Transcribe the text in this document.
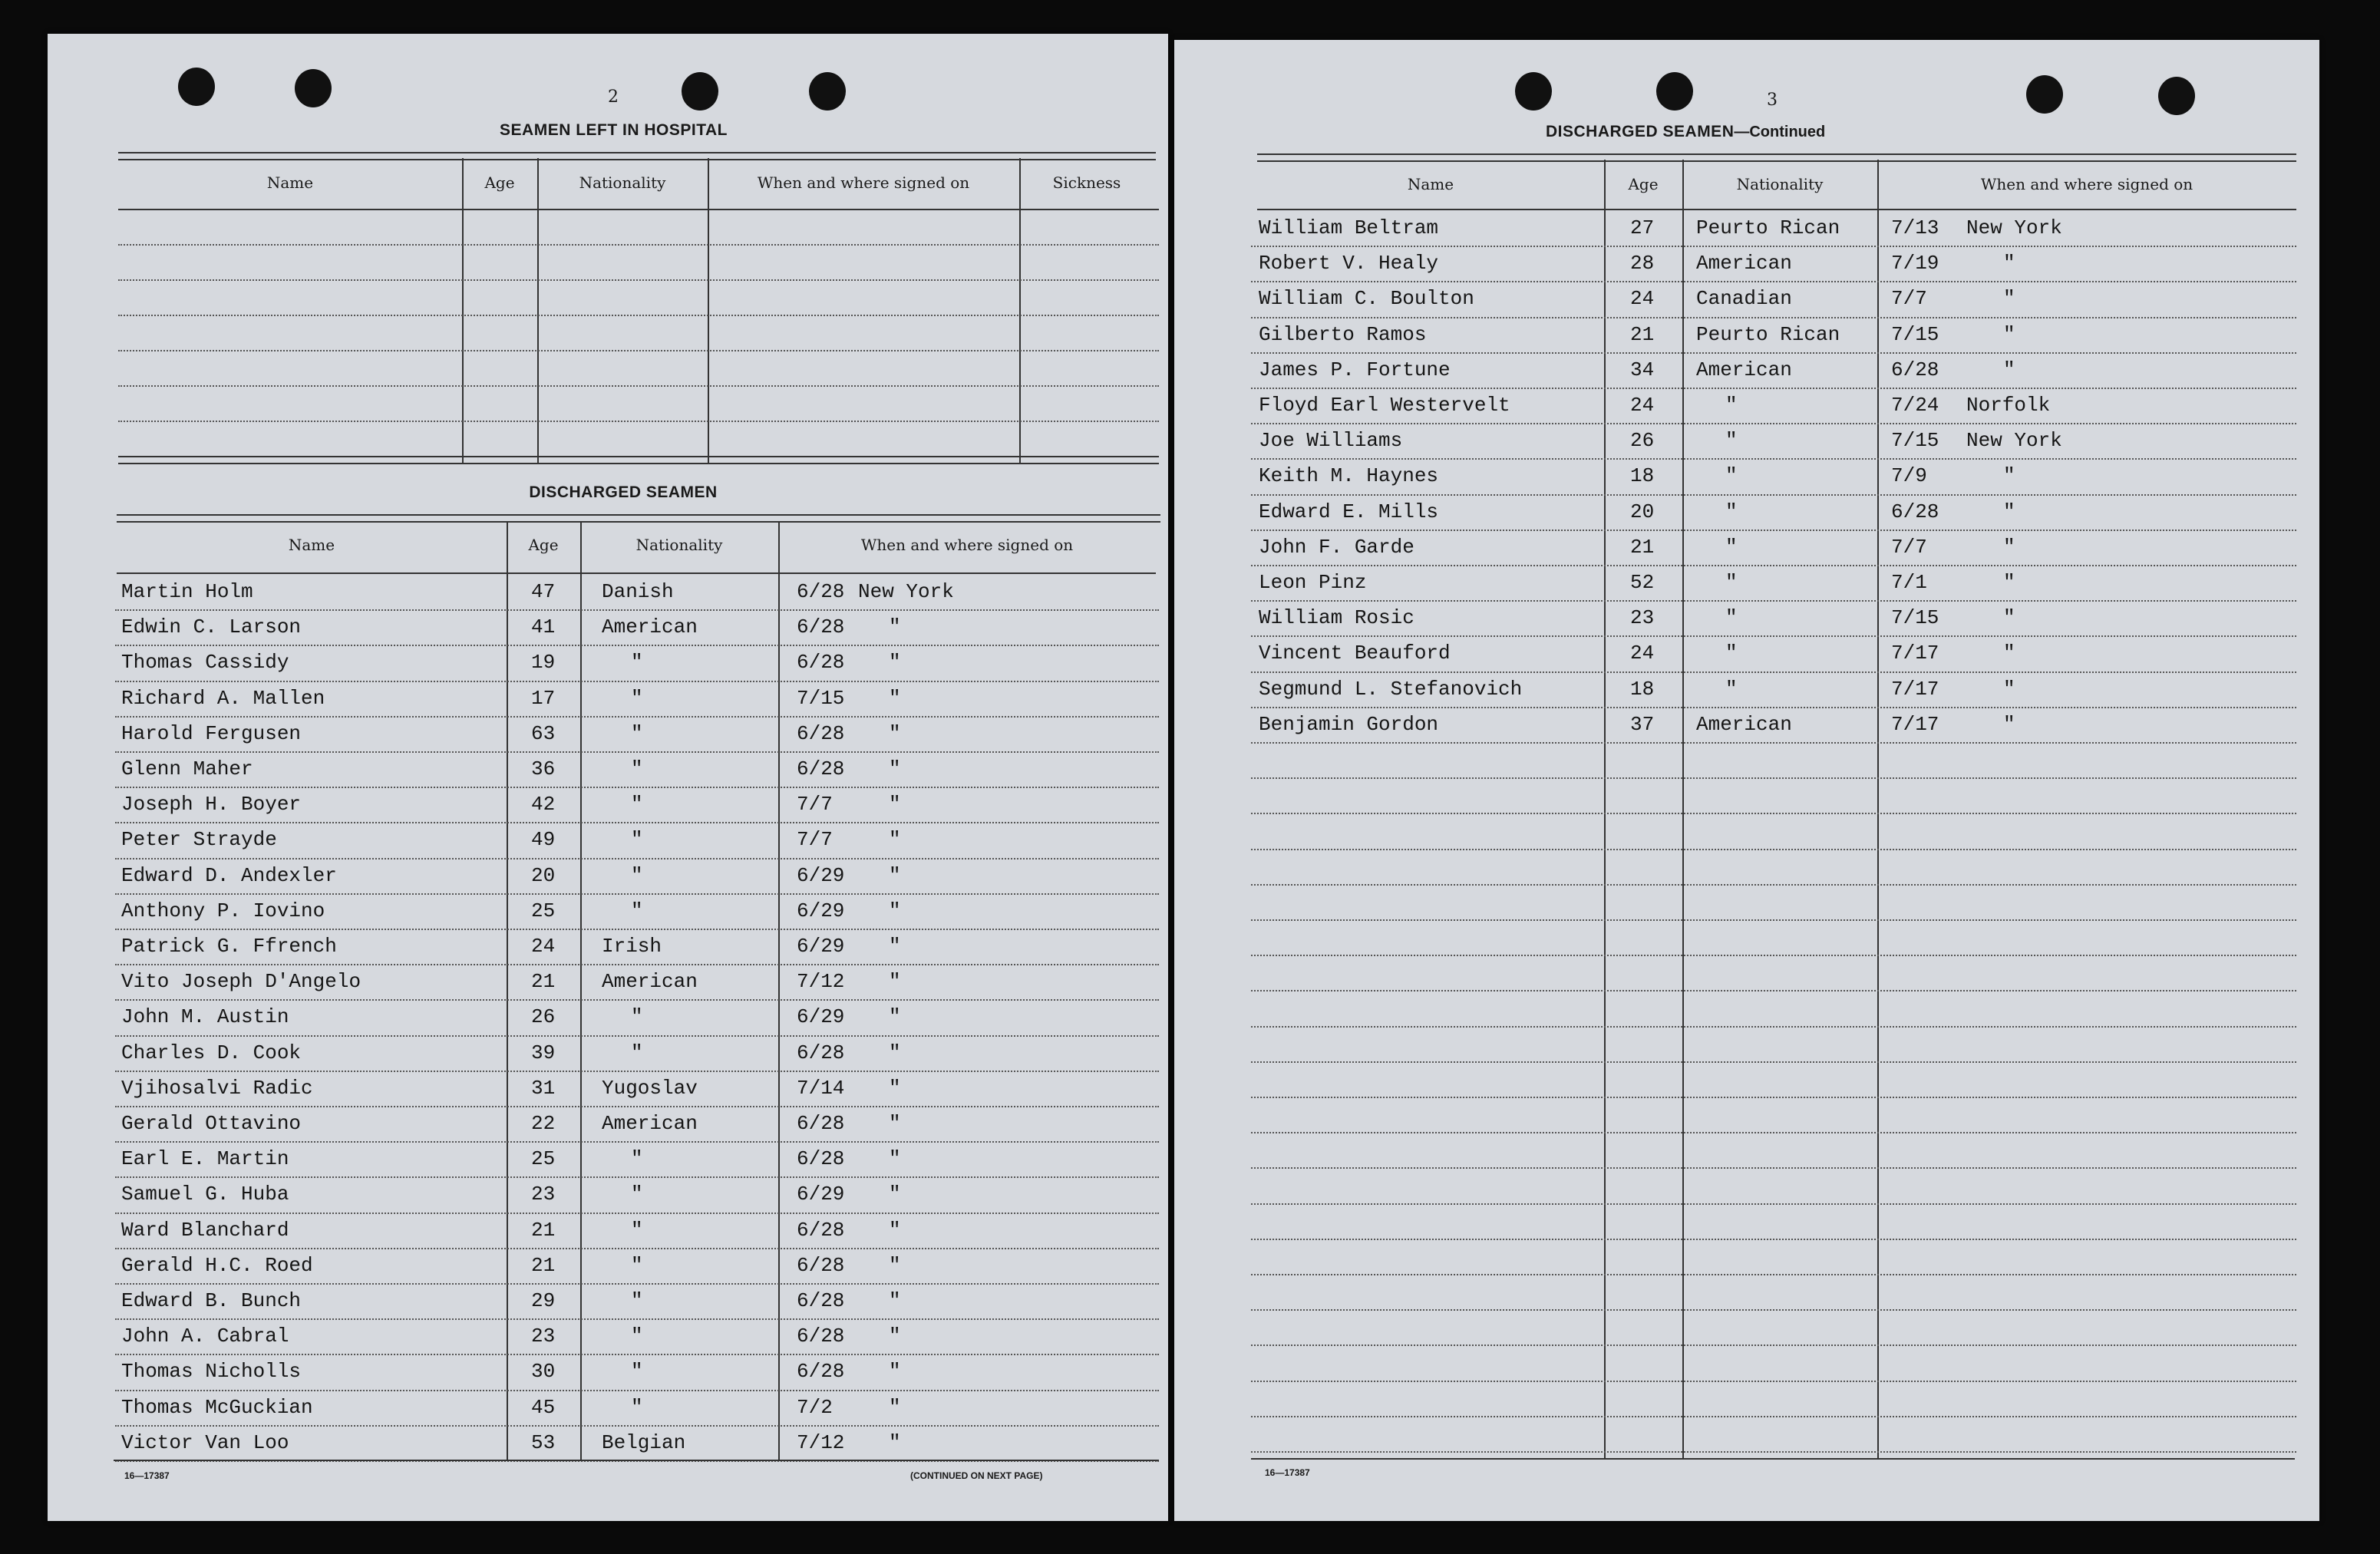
2
SEAMEN LEFT IN HOSPITAL
Name	Age	Nationality	When and where signed on	Sickness
DISCHARGED SEAMEN
Name	Age	Nationality	When and where signed on
Martin Holm	47 Danish	6/28 New York
Edwin C. Larson	41 American	6/28 "
Thomas Cassidy	19	"	6/28 "
Richard A. Mallen	17	"	7/15 "
Harold Fergusen	63	"	6/28 "
Glenn Maher	36	"	6/28 "
Joseph H. Boyer	42	"	7/7	"
Peter Strayde	49	"	7/7	"
Edward D. Andexler	20	"	6/29 "
Anthony P. Iovino	25	"	6/29 "
Patrick G. Ffrench	24 Irish	6/29 "
Vito Joseph D'Angelo	21 American	7/12 "
John M. Austin	26	"	6/29 "
Charles D. Cook	39	"	6/28 "
Vjihosalvi Radic	31 Yugoslav	7/14 "
Gerald Ottavino	22 American	6/28 "
Earl E. Martin	25	"	6/28 "
Samuel G. Huba	23	"	6/29 "
Ward Blanchard	21	"	6/28 "
Gerald H.C. Roed	21	"	6/28 "
Edward B. Bunch	29	"	6/28 "
John A. Cabral	23	"	6/28 "
Thomas Nicholls	30	"	6/28 "
Thomas McGuckian	45	"	7/2	"
Victor Van Loo	53 Belgian	7/12 "
16—17387	(CONTINUED ON NEXT PAGE)
3
DISCHARGED SEAMEN—Continued
Name	Age	Nationality	When and where signed on
William Beltram	27 Peurto Rican	7/13 New York
Robert V. Healy	28 American	7/19	"
William C. Boulton	24 Canadian	7/7	"
Gilberto Ramos	21 Peurto Rican	7/15	"
James P. Fortune	34 American	6/28	"
Floyd Earl Westervelt	24	"	7/24 Norfolk
Joe Williams	26	"	7/15 New York
Keith M. Haynes	18	"	7/9	"
Edward E. Mills	20	"	6/28	"
John F. Garde	21	"	7/7	"
Leon Pinz	52	"	7/1	"
William Rosic	23	"	7/15	"
Vincent Beauford	24	"	7/17	"
Segmund L. Stefanovich	18	"	7/17	"
Benjamin Gordon	37 American	7/17	"
16—17387
